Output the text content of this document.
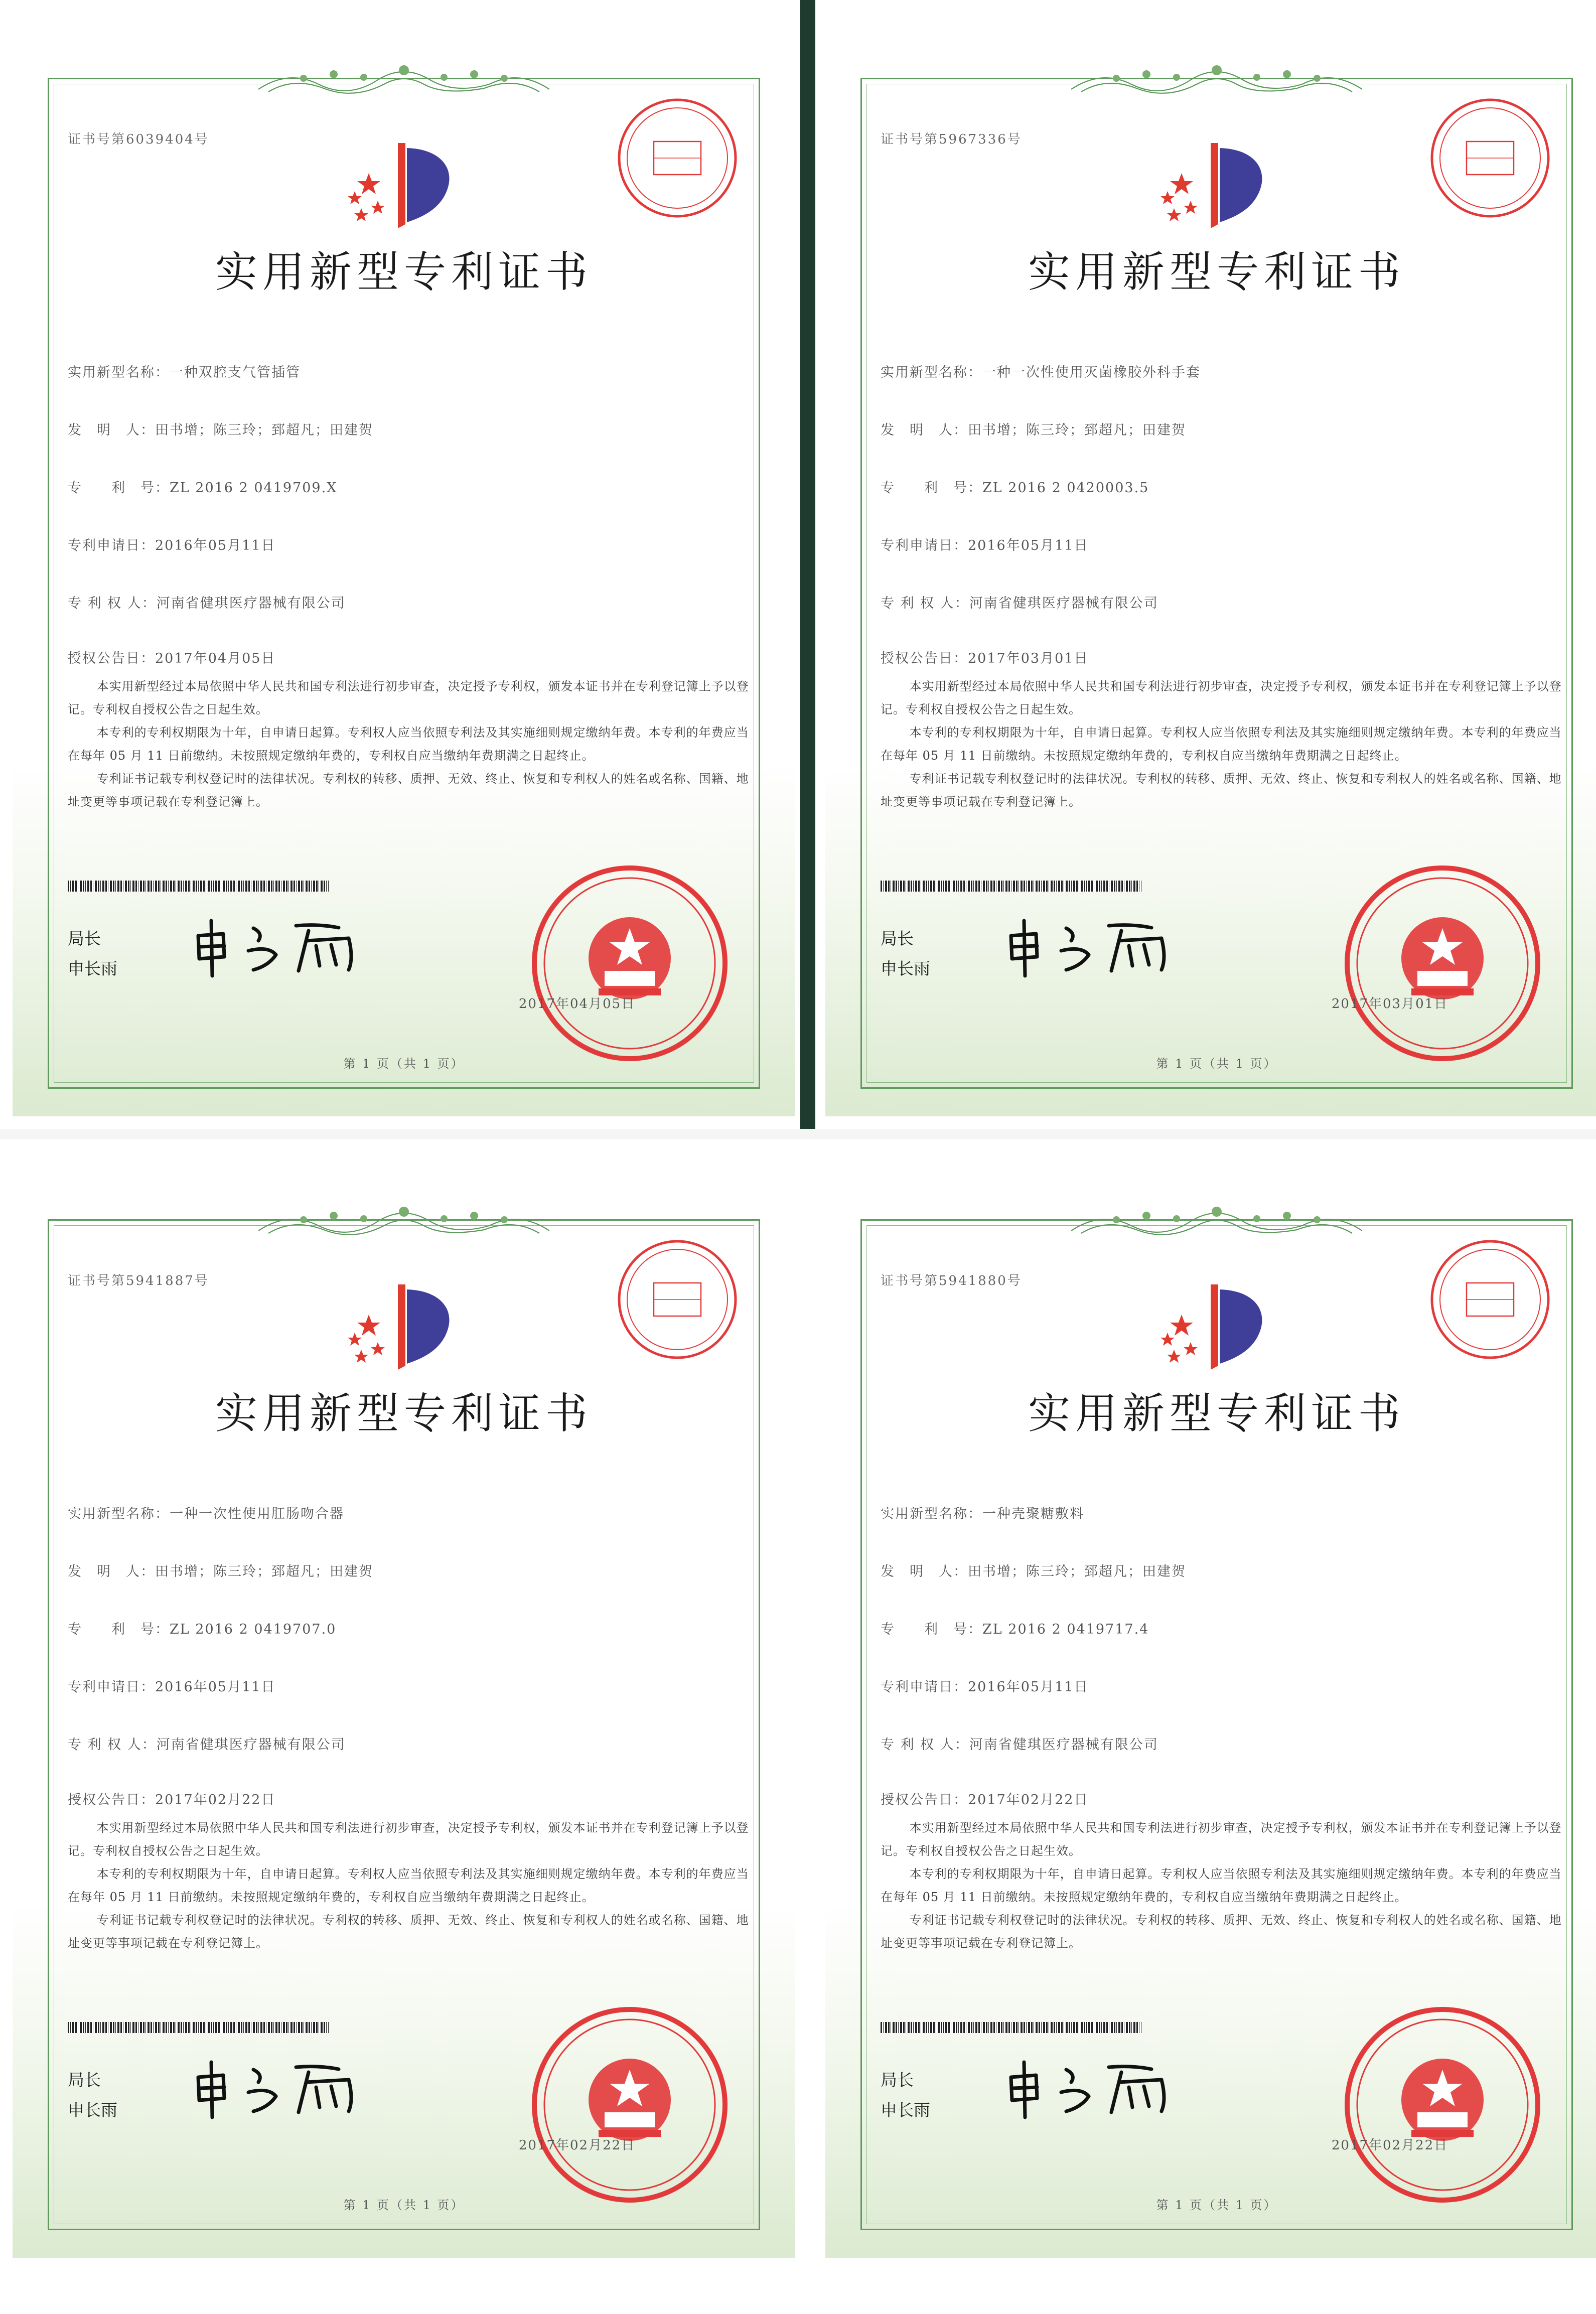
证书号第6039404号
实用新型专利证书
实用新型名称：一种双腔支气管插管
发　明　人：田书增；陈三玲；郅超凡；田建贺
专　　利　号：ZL 2016 2 0419709.X
专利申请日：2016年05月11日
专 利 权 人：河南省健琪医疗器械有限公司
授权公告日：2017年04月05日

本实用新型经过本局依照中华人民共和国专利法进行初步审查，决定授予专利权，颁发本证书并在专利登记簿上予以登记。专利权自授权公告之日起生效。

本专利的专利权期限为十年，自申请日起算。专利权人应当依照专利法及其实施细则规定缴纳年费。本专利的年费应当在每年 05 月 11 日前缴纳。未按照规定缴纳年费的，专利权自应当缴纳年费期满之日起终止。

专利证书记载专利权登记时的法律状况。专利权的转移、质押、无效、终止、恢复和专利权人的姓名或名称、国籍、地址变更等事项记载在专利登记簿上。

局长
申长雨
2017年04月05日
第 1 页（共 1 页）
证书号第5967336号
实用新型专利证书
实用新型名称：一种一次性使用灭菌橡胶外科手套
发　明　人：田书增；陈三玲；郅超凡；田建贺
专　　利　号：ZL 2016 2 0420003.5
专利申请日：2016年05月11日
专 利 权 人：河南省健琪医疗器械有限公司
授权公告日：2017年03月01日

本实用新型经过本局依照中华人民共和国专利法进行初步审查，决定授予专利权，颁发本证书并在专利登记簿上予以登记。专利权自授权公告之日起生效。

本专利的专利权期限为十年，自申请日起算。专利权人应当依照专利法及其实施细则规定缴纳年费。本专利的年费应当在每年 05 月 11 日前缴纳。未按照规定缴纳年费的，专利权自应当缴纳年费期满之日起终止。

专利证书记载专利权登记时的法律状况。专利权的转移、质押、无效、终止、恢复和专利权人的姓名或名称、国籍、地址变更等事项记载在专利登记簿上。

局长
申长雨
2017年03月01日
第 1 页（共 1 页）
证书号第5941887号
实用新型专利证书
实用新型名称：一种一次性使用肛肠吻合器
发　明　人：田书增；陈三玲；郅超凡；田建贺
专　　利　号：ZL 2016 2 0419707.0
专利申请日：2016年05月11日
专 利 权 人：河南省健琪医疗器械有限公司
授权公告日：2017年02月22日

本实用新型经过本局依照中华人民共和国专利法进行初步审查，决定授予专利权，颁发本证书并在专利登记簿上予以登记。专利权自授权公告之日起生效。

本专利的专利权期限为十年，自申请日起算。专利权人应当依照专利法及其实施细则规定缴纳年费。本专利的年费应当在每年 05 月 11 日前缴纳。未按照规定缴纳年费的，专利权自应当缴纳年费期满之日起终止。

专利证书记载专利权登记时的法律状况。专利权的转移、质押、无效、终止、恢复和专利权人的姓名或名称、国籍、地址变更等事项记载在专利登记簿上。

局长
申长雨
2017年02月22日
第 1 页（共 1 页）
证书号第5941880号
实用新型专利证书
实用新型名称：一种壳聚糖敷料
发　明　人：田书增；陈三玲；郅超凡；田建贺
专　　利　号：ZL 2016 2 0419717.4
专利申请日：2016年05月11日
专 利 权 人：河南省健琪医疗器械有限公司
授权公告日：2017年02月22日

本实用新型经过本局依照中华人民共和国专利法进行初步审查，决定授予专利权，颁发本证书并在专利登记簿上予以登记。专利权自授权公告之日起生效。

本专利的专利权期限为十年，自申请日起算。专利权人应当依照专利法及其实施细则规定缴纳年费。本专利的年费应当在每年 05 月 11 日前缴纳。未按照规定缴纳年费的，专利权自应当缴纳年费期满之日起终止。

专利证书记载专利权登记时的法律状况。专利权的转移、质押、无效、终止、恢复和专利权人的姓名或名称、国籍、地址变更等事项记载在专利登记簿上。

局长
申长雨
2017年02月22日
第 1 页（共 1 页）
